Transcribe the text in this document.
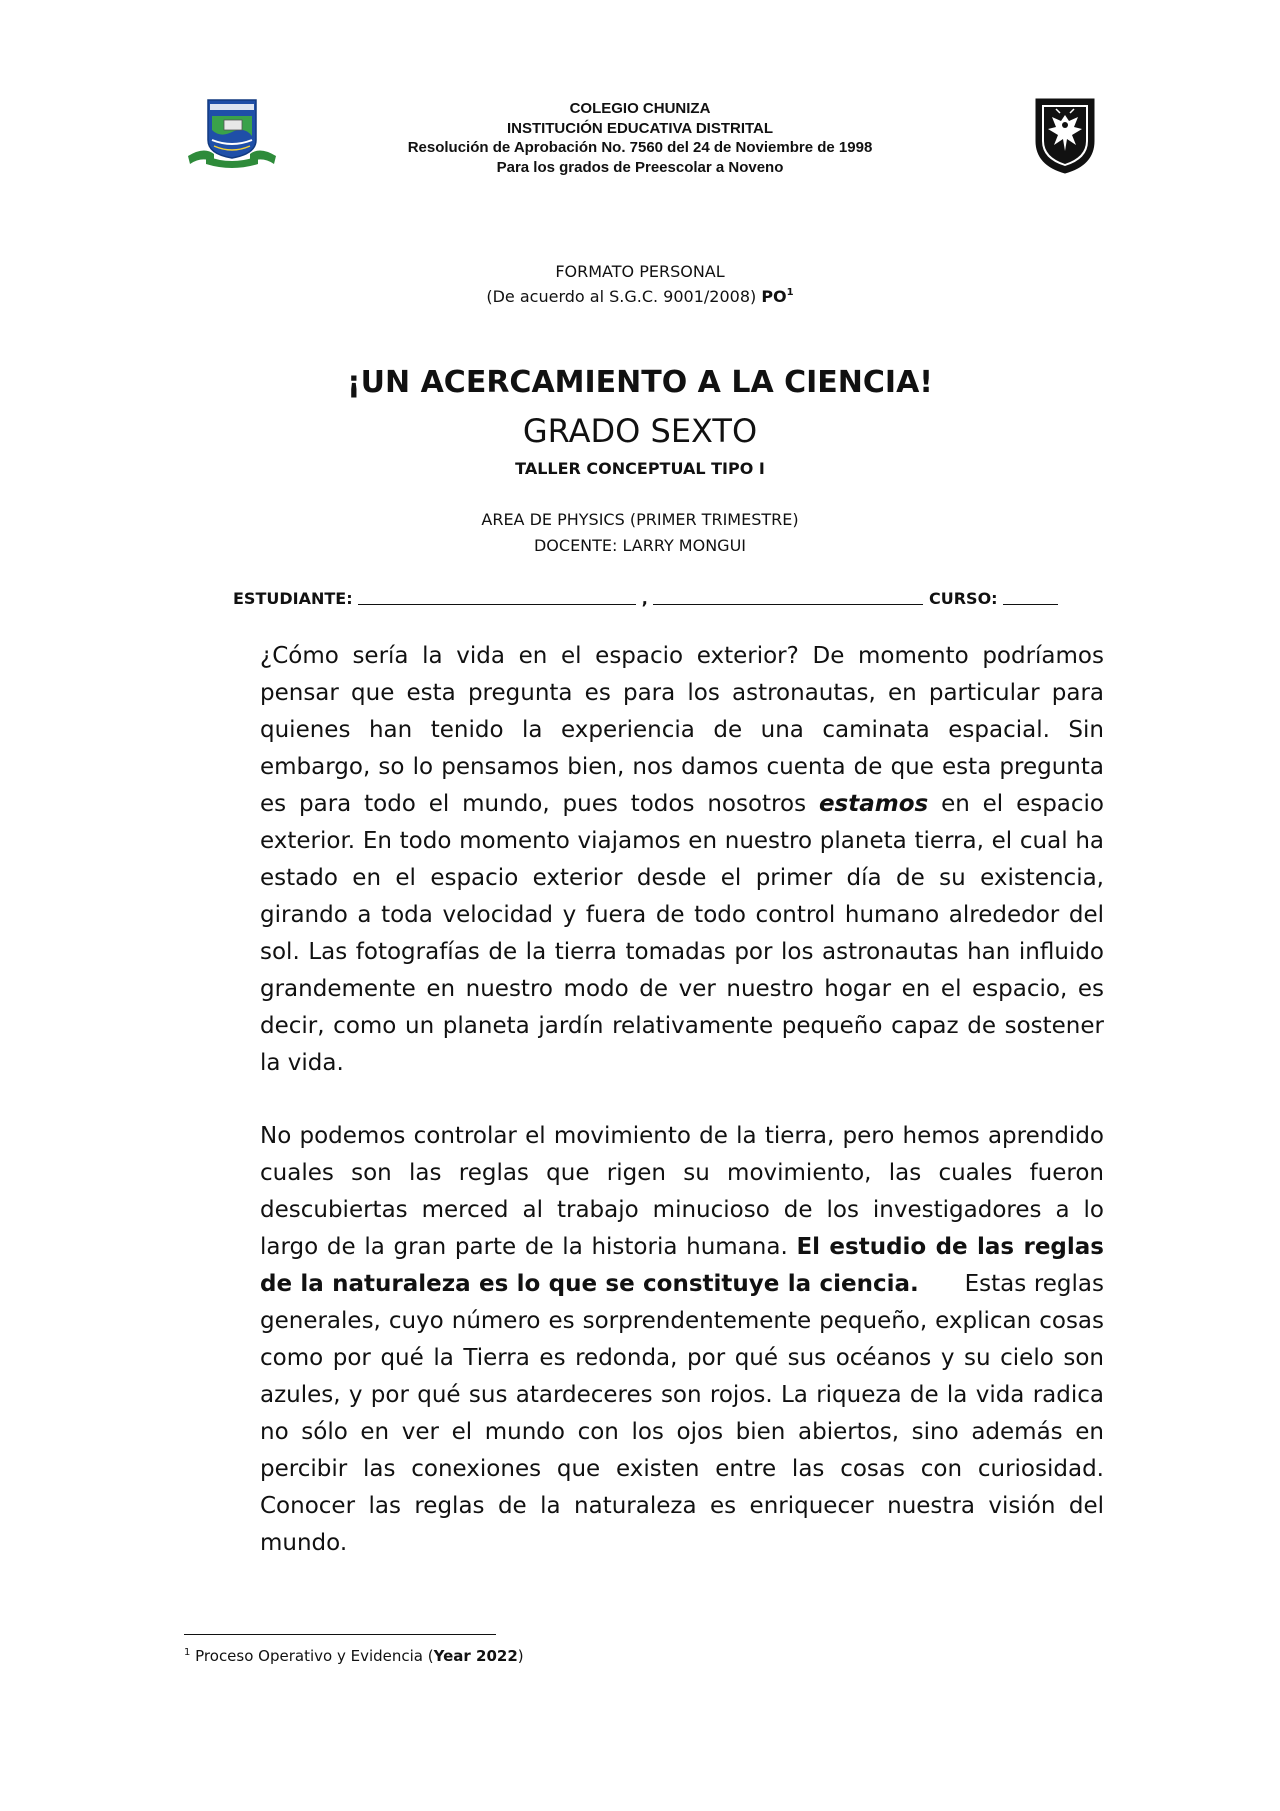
COLEGIO CHUNIZA
INSTITUCIÓN EDUCATIVA DISTRITAL
Resolución de Aprobación No. 7560 del 24 de Noviembre de 1998
Para los grados de Preescolar a Noveno
FORMATO PERSONAL
(De acuerdo al S.G.C. 9001/2008) $PO^1$
¡UN ACERCAMIENTO A LA CIENCIA!
GRADO SEXTO
TALLER CONCEPTUAL TIPO I
AREA DE PHYSICS (PRIMER TRIMESTRE)
DOCENTE: LARRY MONGUI
ESTUDIANTE:	,	CURSO:
¿Cómo sería la vida en el espacio exterior? De momento podríamos pensar que esta pregunta es para los astronautas, en particular para quienes han tenido la experiencia de una caminata espacial. Sin embargo, so lo pensamos bien, nos damos cuenta de que esta pregunta es para todo el mundo, pues todos nosotros estamos en el espacio exterior. En todo momento viajamos en nuestro planeta tierra, el cual ha estado en el espacio exterior desde el primer día de su existencia, girando a toda velocidad y fuera de todo control humano alrededor del sol. Las fotografías de la tierra tomadas por los astronautas han influido grandemente en nuestro modo de ver nuestro hogar en el espacio, es decir, como un planeta jardín relativamente pequeño capaz de sostener la vida.
No podemos controlar el movimiento de la tierra, pero hemos aprendido cuales son las reglas que rigen su movimiento, las cuales fueron descubiertas merced al trabajo minucioso de los investigadores a lo largo de la gran parte de la historia humana. El estudio de las reglas de la naturaleza es lo que se constituye la ciencia.      Estas reglas generales, cuyo número es sorprendentemente pequeño, explican cosas como por qué la Tierra es redonda, por qué sus océanos y su cielo son azules, y por qué sus atardeceres son rojos. La riqueza de la vida radica no sólo en ver el mundo con los ojos bien abiertos, sino además en percibir las conexiones que existen entre las cosas con curiosidad. Conocer las reglas de la naturaleza es enriquecer nuestra visión del mundo.
$^1$ Proceso Operativo y Evidencia (Year 2022)
